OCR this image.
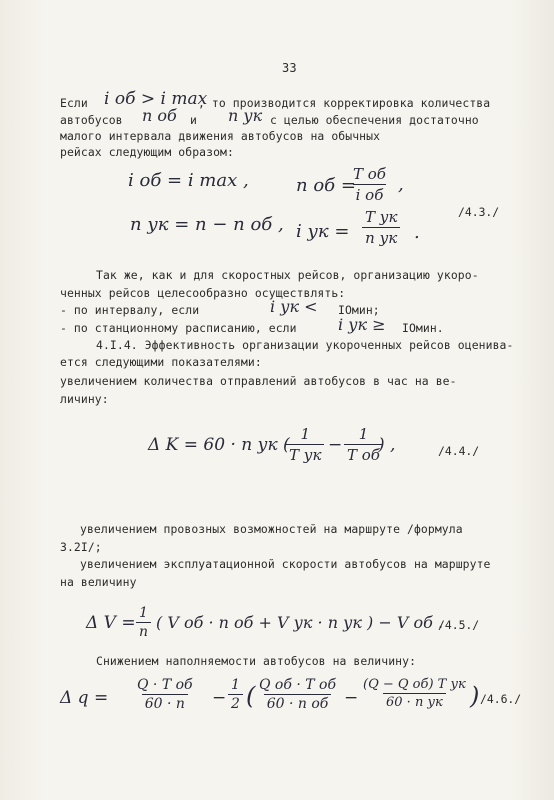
33
Если i об > i max
, то производится корректировка количества
автобусов n об и n ук с целью обеспечения достаточно
малого интервала движения автобусов на обычных
рейсах следующим образом:
i об = i max ,	n об =
T об
i об ,
n ук = n − n об , i ук =
T ук
n ук .
/4.3./
Так же, как и для скоростных рейсов, организацию укоро-
ченных рейсов целесообразно осуществлять:
- по интервалу, если	i ук < IOмин;
- по станционному расписанию, если	i ук ≥ IOмин.
4.I.4. Эффективность организации укороченных рейсов оценива-
ется следующими показателями:
увеличением количества отправлений автобусов в час на ве-
личину:
Δ K = 60 · n ук (
1
T ук −
1
T об
) ,	/4.4./
увеличением провозных возможностей на маршруте /формула
3.2I/;
увеличением эксплуатационной скорости автобусов на маршруте
на величину
Δ $V = \frac{1}{n}$ ( V об · n об + V ук · n ук ) − V об .
/4.5./
Снижением наполняемости автобусов на величину:
Δ q =
Q · T об
$60 \cdot n - \frac{1}{2}$ ( Q об · T об
60 · n об −
(Q − Q об) T ук
60 · n ук ) /4.6./
